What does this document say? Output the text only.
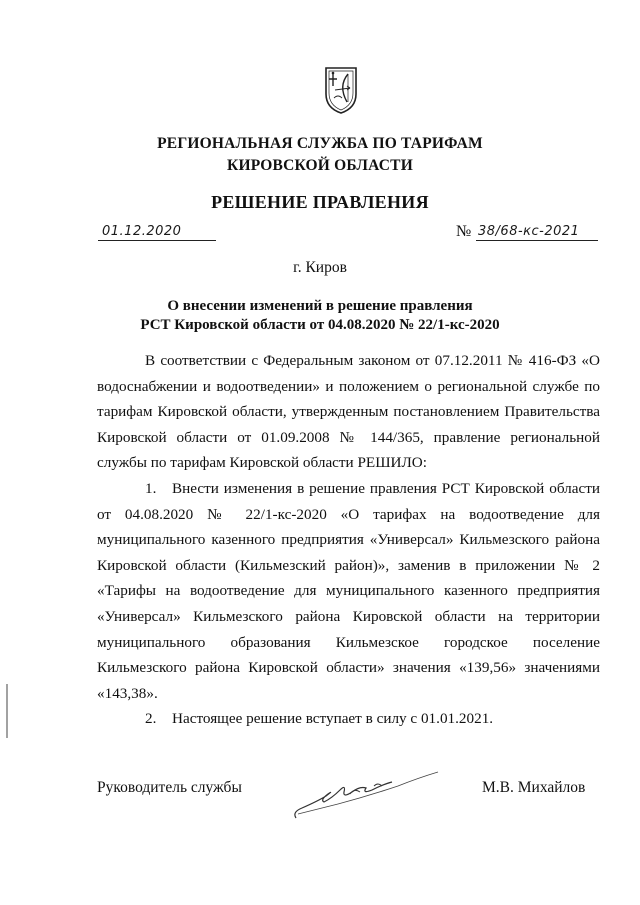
РЕГИОНАЛЬНАЯ СЛУЖБА ПО ТАРИФАМ
КИРОВСКОЙ ОБЛАСТИ
РЕШЕНИЕ ПРАВЛЕНИЯ
01.12.2020	№ 38/68-кс-2021
г. Киров
О внесении изменений в решение правления
РСТ Кировской области от 04.08.2020 № 22/1-кс-2020

В соответствии с Федеральным законом от 07.12.2011 № 416-ФЗ «О водоснабжении и водоотведении» и положением о региональной службе по тарифам Кировской области, утвержденным постановлением Правительства Кировской области от 01.09.2008 № 144/365, правление региональной службы по тарифам Кировской области РЕШИЛО:

1. Внести изменения в решение правления РСТ Кировской области от 04.08.2020 № 22/1-кс-2020 «О тарифах на водоотведение для муниципального казенного предприятия «Универсал» Кильмезского района Кировской области (Кильмезский район)», заменив в приложении № 2 «Тарифы на водоотведение для муниципального казенного предприятия «Универсал» Кильмезского района Кировской области на территории муниципального образования Кильмезское городское поселение Кильмезского района Кировской области» значения «139,56» значениями «143,38».

2. Настоящее решение вступает в силу с 01.01.2021.

Руководитель службы	М.В. Михайлов
